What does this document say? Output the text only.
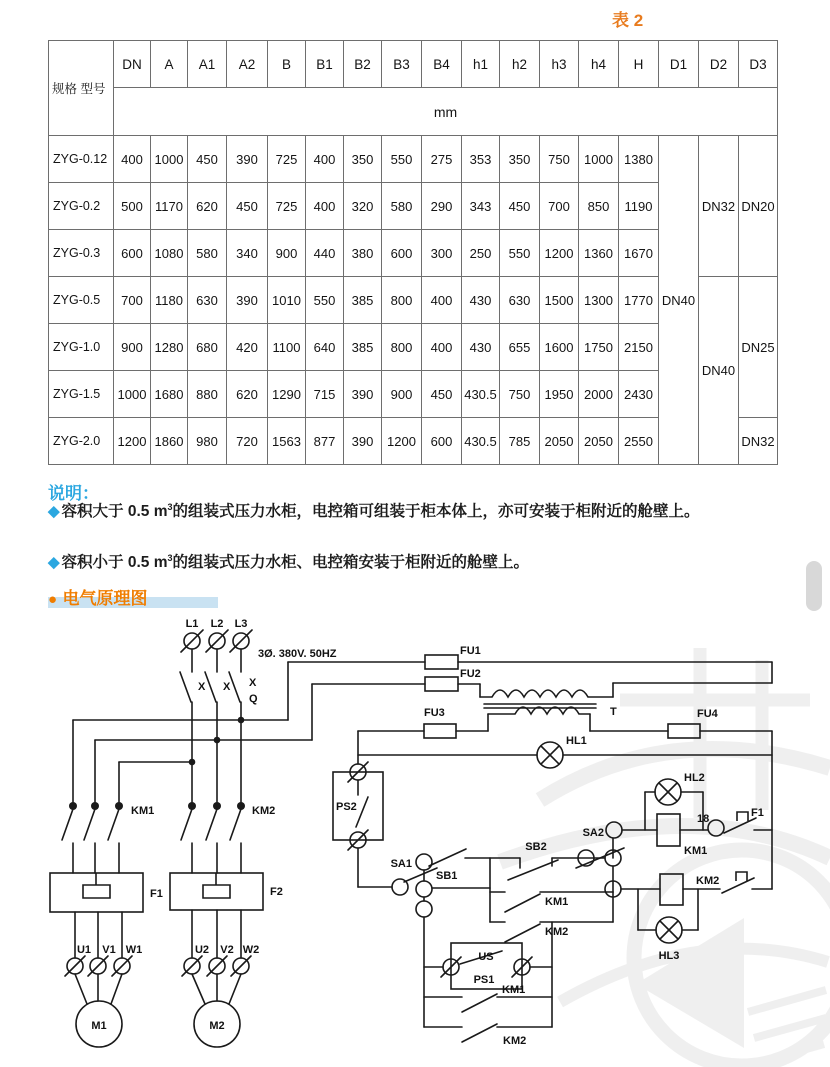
表 2
规格 型号	DN	A	A1	A2	B	B1	B2	B3	B4	h1	h2	h3	h4	H	D1	D2	D3
	mm																
ZYG-0.12	400	1000	450	390	725	400	350	550	275	353	350	750	1000	1380	DN40	DN32	DN20
ZYG-0.2	500	1170	620	450	725	400	320	580	290	343	450	700	850	1190			
ZYG-0.3	600	1080	580	340	900	440	380	600	300	250	550	1200	1360	1670			
ZYG-0.5	700	1180	630	390	1010	550	385	800	400	430	630	1500	1300	1770		DN40	DN25
ZYG-1.0	900	1280	680	420	1100	640	385	800	400	430	655	1600	1750	2150			
ZYG-1.5	1000	1680	880	620	1290	715	390	900	450	430.5	750	1950	2000	2430			
ZYG-2.0	1200	1860	980	720	1563	877	390	1200	600	430.5	785	2050	2050	2550			DN32
说明：
◆ 容积大于 0.5 $m^3$的组装式压力水柜，电控箱可组装于柜本体上，亦可安装于柜附近的舱壁上。
◆ 容积小于 0.5 $m^3$的组装式压力水柜、电控箱安装于柜附近的舱壁上。
● 电气原理图
L1 L2 L3
3Ø. 380V. 50HZ
X X X
Q
KM1	KM2
F1	F2
U1 V1 W1
M1
U2 V2 W2
M2
FU1
FU2
T
FU3	FU4
HL1
PS2
SA1
SB1
SB2
KM1
KM2
SA2
HL2
KM1
18	F1
KM2
HL3
US
PS1
KM1
KM2
